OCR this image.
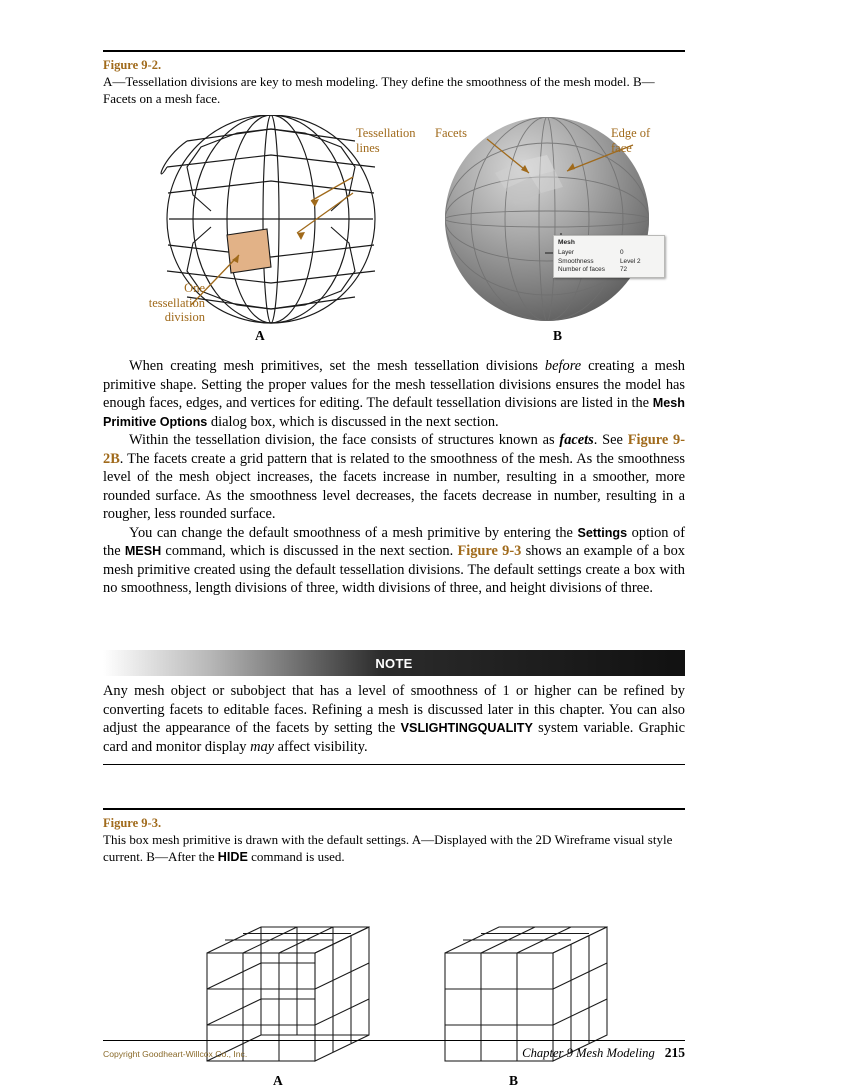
Figure 9-2.
A—Tessellation divisions are key to mesh modeling. They define the smoothness of the mesh model. B—Facets on a mesh face.
Tessellation
lines
One
tessellation
division
A
Facets	Edge of
face
Mesh
Layer	0
Smoothness	Level 2
Number of faces	72
B

When creating mesh primitives, set the mesh tessellation divisions before creating a mesh primitive shape. Setting the proper values for the mesh tessellation divisions ensures the model has enough faces, edges, and vertices for editing. The default tessellation divisions are listed in the Mesh Primitive Options dialog box, which is discussed in the next section.

Within the tessellation division, the face consists of structures known as facets. See Figure 9-2B. The facets create a grid pattern that is related to the smoothness of the mesh. As the smoothness level of the mesh object increases, the facets increase in number, resulting in a smoother, more rounded surface. As the smoothness level decreases, the facets decrease in number, resulting in a rougher, less rounded surface.

You can change the default smoothness of a mesh primitive by entering the Settings option of the MESH command, which is discussed in the next section. Figure 9-3 shows an example of a box mesh primitive created using the default tessellation divisions. The default settings create a box with no smoothness, length divisions of three, width divisions of three, and height divisions of three.

NOTE
Any mesh object or subobject that has a level of smoothness of 1 or higher can be refined by converting facets to editable faces. Refining a mesh is discussed later in this chapter. You can also adjust the appearance of the facets by setting the VSLIGHTINGQUALITY system variable. Graphic card and monitor display may affect visibility.
Figure 9-3.
This box mesh primitive is drawn with the default settings. A—Displayed with the 2D Wireframe visual style current. B—After the HIDE command is used.
A	B
Copyright Goodheart-Willcox Co., Inc.	Chapter 9 Mesh Modeling 215
